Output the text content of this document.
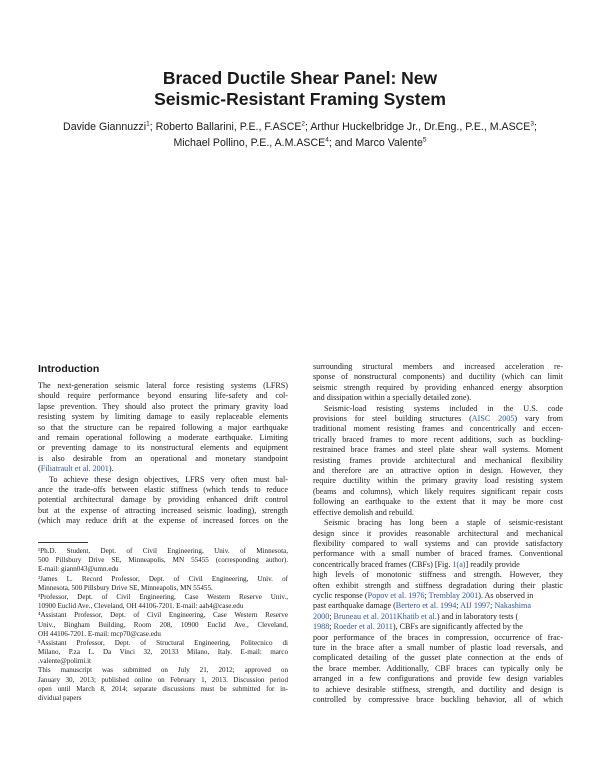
Braced Ductile Shear Panel: New
Seismic-Resistant Framing System
Davide Giannuzzi$^1$; Roberto Ballarini, P.E., F.ASCE$^2$; Arthur Huckelbridge Jr., Dr.Eng., P.E., M.ASCE$^3$;
Michael Pollino, P.E., A.M.ASCE$^4$; and Marco Valente$^5$
Introduction
The next-generation seismic lateral force resisting systems (LFRS)
should require performance beyond ensuring life-safety and col-
lapse prevention. They should also protect the primary gravity load
resisting system by limiting damage to easily replaceable elements
so that the structure can be repaired following a major earthquake
and remain operational following a moderate earthquake. Limiting
or preventing damage to its nonstructural elements and equipment
is also desirable from an operational and monetary standpoint
(Filiatrault et al. 2001).
To achieve these design objectives, LFRS very often must bal-
ance the trade-offs between elastic stiffness (which tends to reduce
potential architectural damage by providing enhanced drift control
but at the expense of attracting increased seismic loading), strength
(which may reduce drift at the expense of increased forces on the
surrounding structural members and increased acceleration re-
sponse of nonstructural components) and ductility (which can limit
seismic strength required by providing enhanced energy absorption
and dissipation within a specially detailed zone).
Seismic-load resisting systems included in the U.S. code
provisions for steel building structures (AISC 2005) vary from
traditional moment resisting frames and concentrically and eccen-
trically braced frames to more recent additions, such as buckling-
restrained brace frames and steel plate shear wall systems. Moment
resisting frames provide architectural and mechanical flexibility
and therefore are an attractive option in design. However, they
require ductility within the primary gravity load resisting system
(beams and columns), which likely requires significant repair costs
following an earthquake to the extent that it may be more cost
effective demolish and rebuild.
Seismic bracing has long been a staple of seismic-resistant
design since it provides reasonable architectural and mechanical
flexibility compared to wall systems and can provide satisfactory
performance with a small number of braced frames. Conventional
concentrically braced frames (CBFs) [Fig. 1(a)] readily provide
high levels of monotonic stiffness and strength. However, they
often exhibit strength and stiffness degradation during their plastic
cyclic response (Popov et al. 1976; Tremblay 2001). As observed in
past earthquake damage (Bertero et al. 1994; AIJ 1997; Nakashima
2000; Bruneau et al. 2011Khatib et al.) and in laboratory tests (
1988; Roeder et al. 2011), CBFs are significantly affected by the
poor performance of the braces in compression, occurrence of frac-
ture in the brace after a small number of plastic load reversals, and
complicated detailing of the gusset plate connection at the ends of
the brace member. Additionally, CBF braces can typically only be
arranged in a few configurations and provide few design variables
to achieve desirable stiffness, strength, and ductility and design is
controlled by compressive brace buckling behavior, all of which
¹Ph.D. Student, Dept. of Civil Engineering, Univ. of Minnesota,
500 Pillsbury Drive SE, Minneapolis, MN 55455 (corresponding author).
E-mail: giann043@umn.edu
²James L. Record Professor, Dept. of Civil Engineering, Univ. of
Minnesota, 500 Pillsbury Drive SE, Minneapolis, MN 55455.
³Professor, Dept. of Civil Engineering, Case Western Reserve Univ.,
10900 Euclid Ave., Cleveland, OH 44106-7201. E-mail: aah4@case.edu
⁴Assistant Professor, Dept. of Civil Engineering, Case Western Reserve
Univ., Bingham Building, Room 208, 10900 Euclid Ave., Cleveland,
OH 44106-7201. E-mail: mcp70@case.edu
⁵Assistant Professor, Dept. of Structural Engineering, Politecnico di
Milano, P.za L. Da Vinci 32, 20133 Milano, Italy. E-mail: marco
.valente@polimi.it
This manuscript was submitted on July 21, 2012; approved on
January 30, 2013; published online on February 1, 2013. Discussion period
open until March 8, 2014; separate discussions must be submitted for in-
dividual papers
